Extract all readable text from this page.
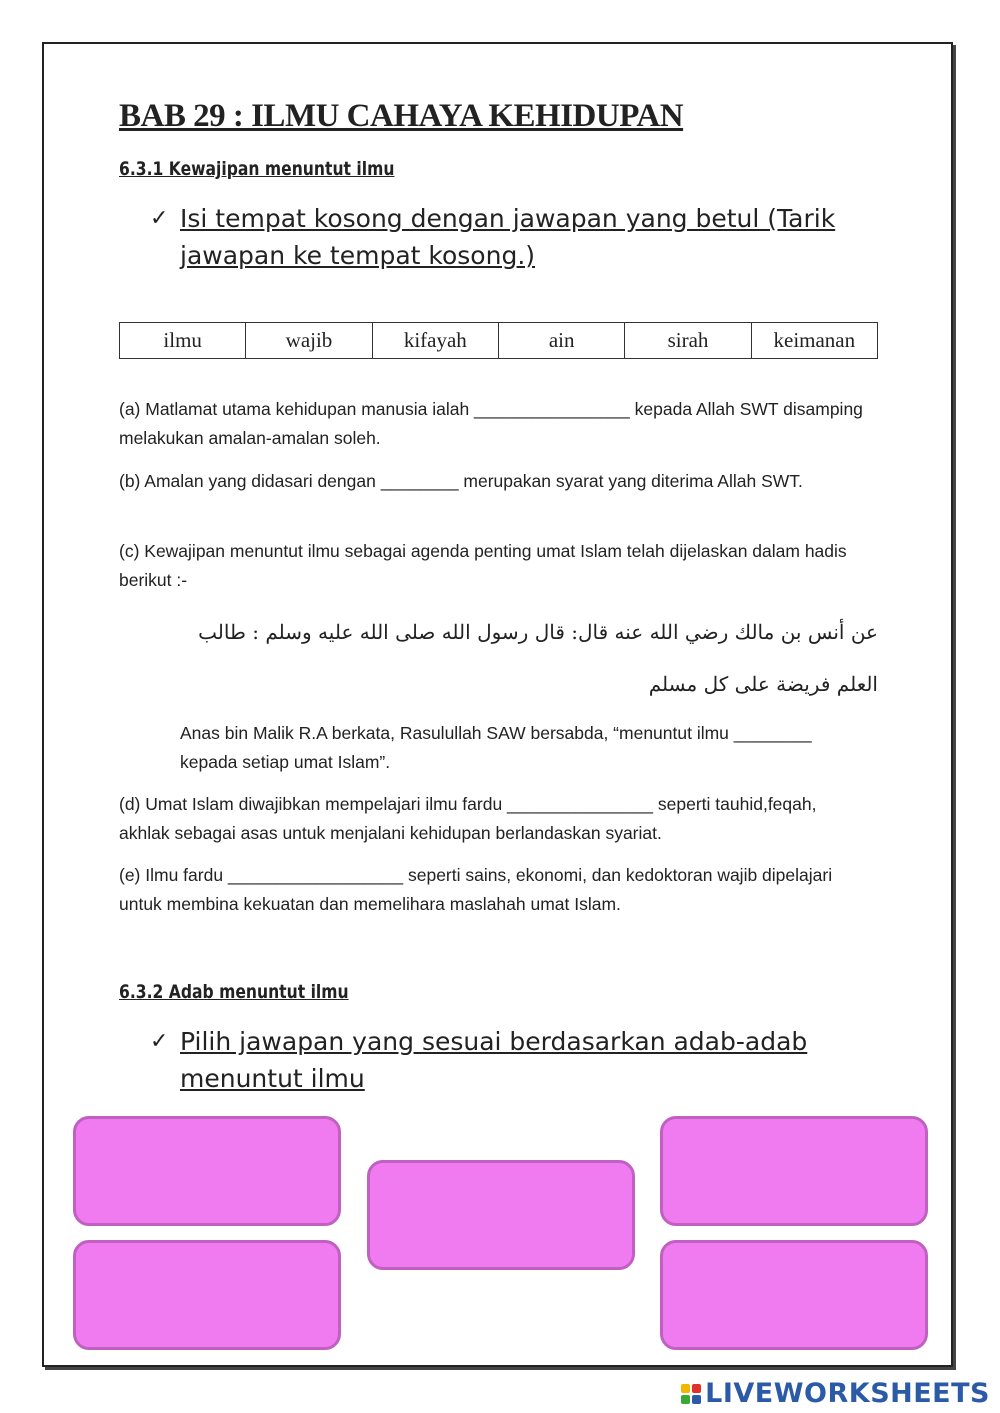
BAB 29 : ILMU CAHAYA KEHIDUPAN
6.3.1 Kewajipan menuntut ilmu
✓ Isi tempat kosong dengan jawapan yang betul (Tarik jawapan ke tempat kosong.)
ilmu	wajib	kifayah	ain	sirah	keimanan

(a) Matlamat utama kehidupan manusia ialah ________________ kepada Allah SWT disamping melakukan amalan-amalan soleh.

(b) Amalan yang didasari dengan ________ merupakan syarat yang diterima Allah SWT.

(c) Kewajipan menuntut ilmu sebagai agenda penting umat Islam telah dijelaskan dalam hadis berikut :-

عن أنس بن مالك رضي الله عنه قال: قال رسول الله صلى الله عليه وسلم : طالب العلم فريضة على كل مسلم

Anas bin Malik R.A berkata, Rasulullah SAW bersabda, “menuntut ilmu ________ kepada setiap umat Islam”.

(d) Umat Islam diwajibkan mempelajari ilmu fardu _______________ seperti tauhid,feqah, akhlak sebagai asas untuk menjalani kehidupan berlandaskan syariat.

(e) Ilmu fardu __________________ seperti sains, ekonomi, dan kedoktoran wajib dipelajari untuk membina kekuatan dan memelihara maslahah umat Islam.

6.3.2 Adab menuntut ilmu
✓ Pilih jawapan yang sesuai berdasarkan adab-adab menuntut ilmu
LIVEWORKSHEETS
